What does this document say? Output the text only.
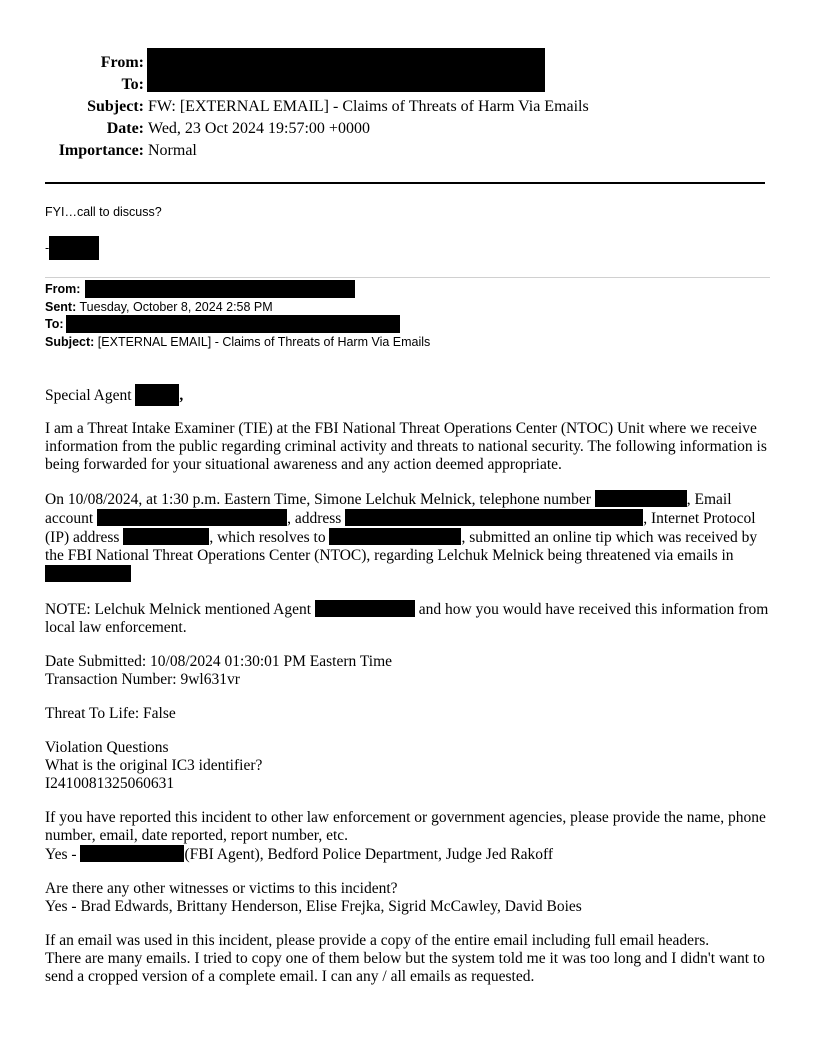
From:
To:
Subject: FW: [EXTERNAL EMAIL] - Claims of Threats of Harm Via Emails
Date: Wed, 23 Oct 2024 19:57:00 +0000
Importance: Normal
FYI…call to discuss?
-
From:
Sent: Tuesday, October 8, 2024 2:58 PM
To:
Subject: [EXTERNAL EMAIL] - Claims of Threats of Harm Via Emails

Special Agent	,

I am a Threat Intake Examiner (TIE) at the FBI National Threat Operations Center (NTOC) Unit where we receive information from the public regarding criminal activity and threats to national security. The following information is being forwarded for your situational awareness and any action deemed appropriate.

On 10/08/2024, at 1:30 p.m. Eastern Time, Simone Lelchuk Melnick, telephone number	, Email account	, address	, Internet Protocol (IP) address	, which resolves to	, submitted an online tip which was received by the FBI National Threat Operations Center (NTOC), regarding Lelchuk Melnick being threatened via emails in

NOTE: Lelchuk Melnick mentioned Agent	and how you would have received this information from local law enforcement.

Date Submitted: 10/08/2024 01:30:01 PM Eastern Time

Transaction Number: 9wl631vr

Threat To Life: False

Violation Questions

What is the original IC3 identifier?

I2410081325060631

If you have reported this incident to other law enforcement or government agencies, please provide the name, phone number, email, date reported, report number, etc.

Yes -	(FBI Agent), Bedford Police Department, Judge Jed Rakoff

Are there any other witnesses or victims to this incident?

Yes - Brad Edwards, Brittany Henderson, Elise Frejka, Sigrid McCawley, David Boies

If an email was used in this incident, please provide a copy of the entire email including full email headers.

There are many emails. I tried to copy one of them below but the system told me it was too long and I didn't want to send a cropped version of a complete email. I can any / all emails as requested.
